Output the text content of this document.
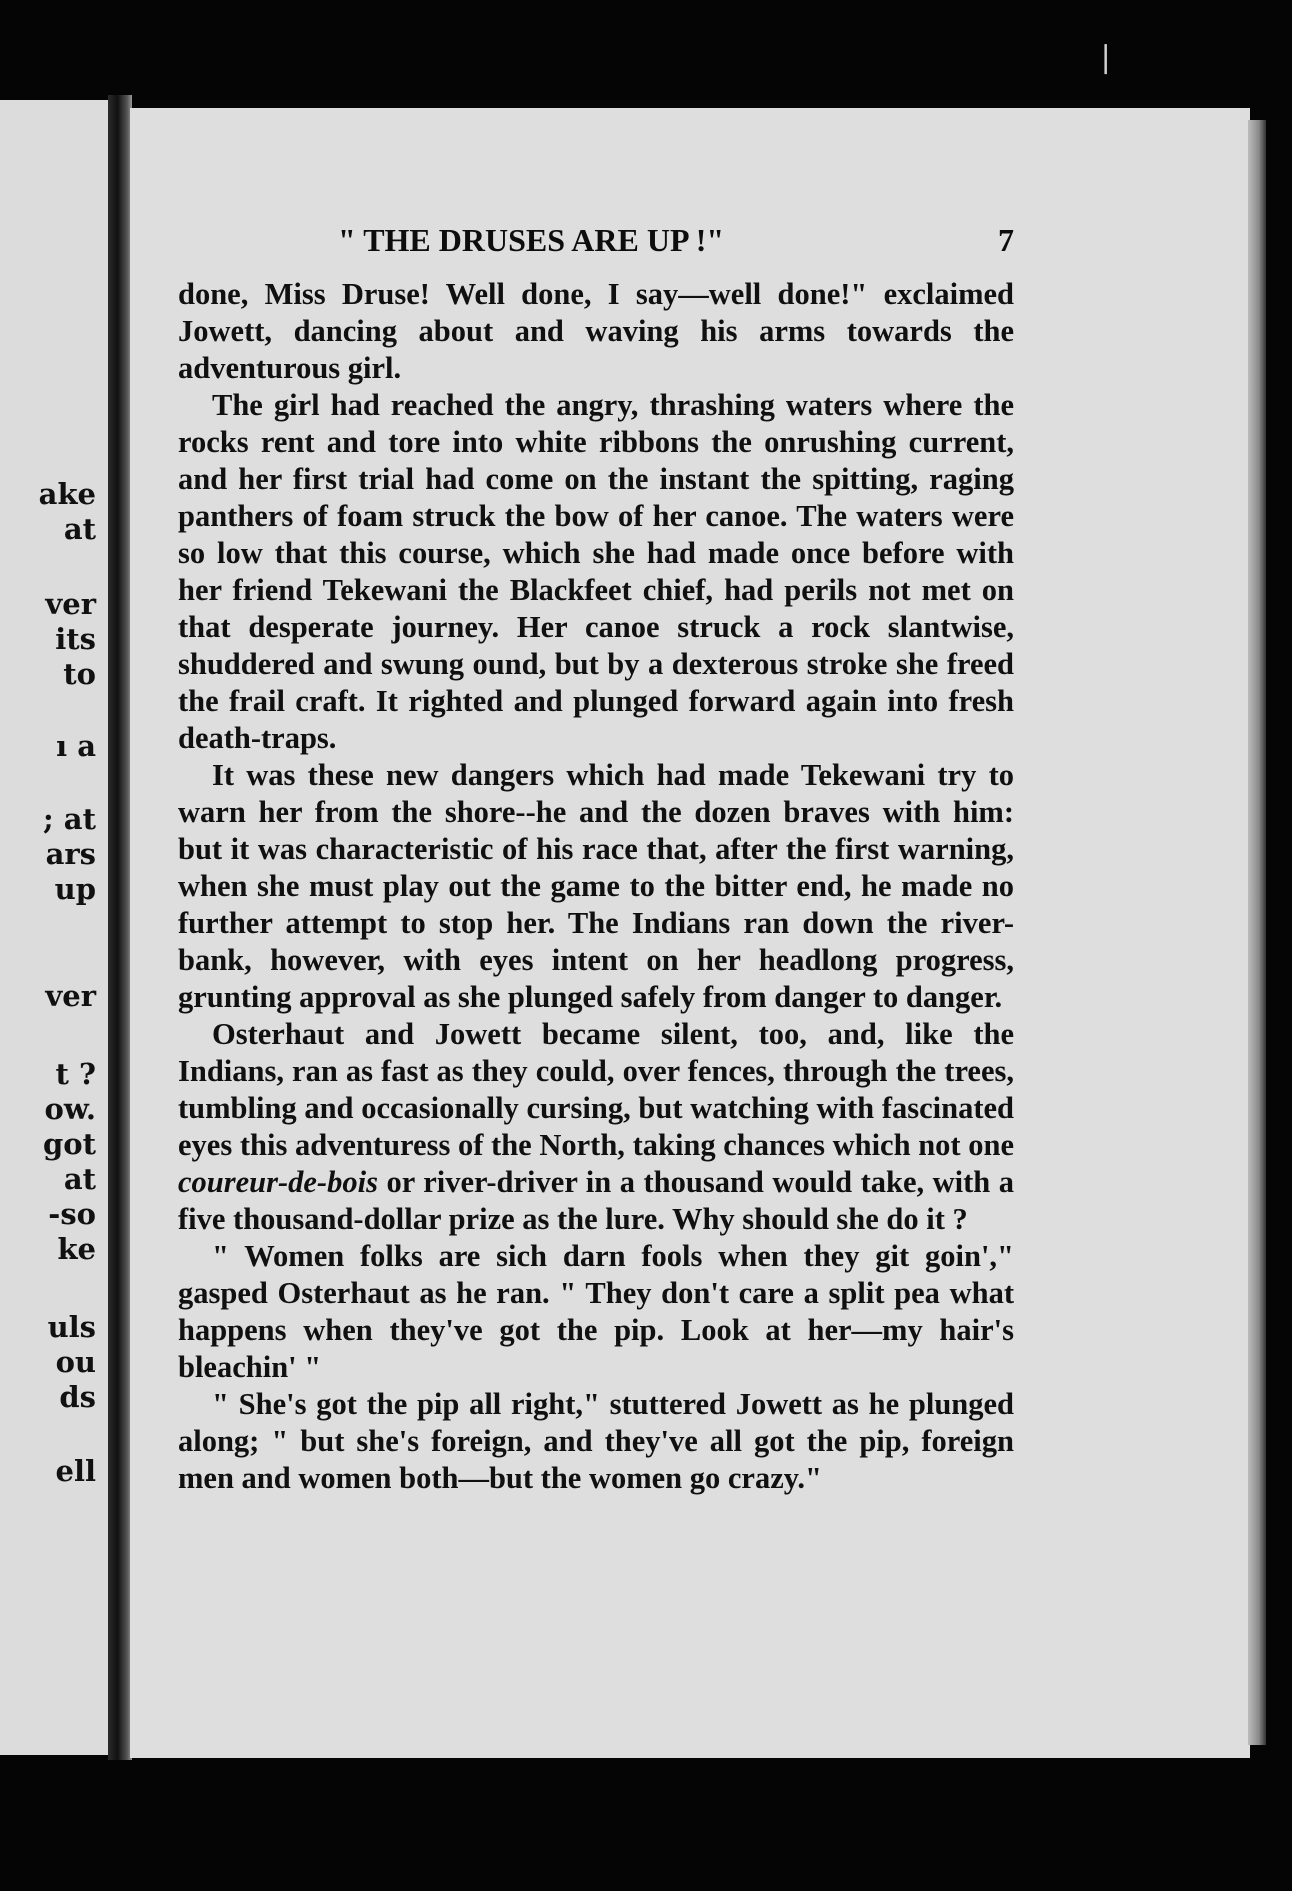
ake
at
ver
its
to
ı a
; at
ars
up
ver
t ?
ow.
got
at
-so
ke
uls
ou
ds
ell
" THE DRUSES ARE UP !"	7

done, Miss Druse! Well done, I say—well done!" exclaimed Jowett, dancing about and waving his arms towards the adventurous girl.

The girl had reached the angry, thrashing waters where the rocks rent and tore into white ribbons the onrushing current, and her first trial had come on the instant the spitting, raging panthers of foam struck the bow of her canoe. The waters were so low that this course, which she had made once before with her friend Tekewani the Blackfeet chief, had perils not met on that desperate journey. Her canoe struck a rock slantwise, shuddered and swung ound, but by a dexterous stroke she freed the frail craft. It righted and plunged forward again into fresh death-traps.

It was these new dangers which had made Tekewani try to warn her from the shore--he and the dozen braves with him: but it was characteristic of his race that, after the first warning, when she must play out the game to the bitter end, he made no further attempt to stop her. The Indians ran down the river-bank, however, with eyes intent on her headlong progress, grunting approval as she plunged safely from danger to danger.

Osterhaut and Jowett became silent, too, and, like the Indians, ran as fast as they could, over fences, through the trees, tumbling and occasionally cursing, but watching with fascinated eyes this adventuress of the North, taking chances which not one coureur-de-bois or river-driver in a thousand would take, with a five thousand-dollar prize as the lure. Why should she do it ?

" Women folks are sich darn fools when they git goin'," gasped Osterhaut as he ran. " They don't care a split pea what happens when they've got the pip. Look at her—my hair's bleachin' "

" She's got the pip all right," stuttered Jowett as he plunged along; " but she's foreign, and they've all got the pip, foreign men and women both—but the women go crazy."

❘
